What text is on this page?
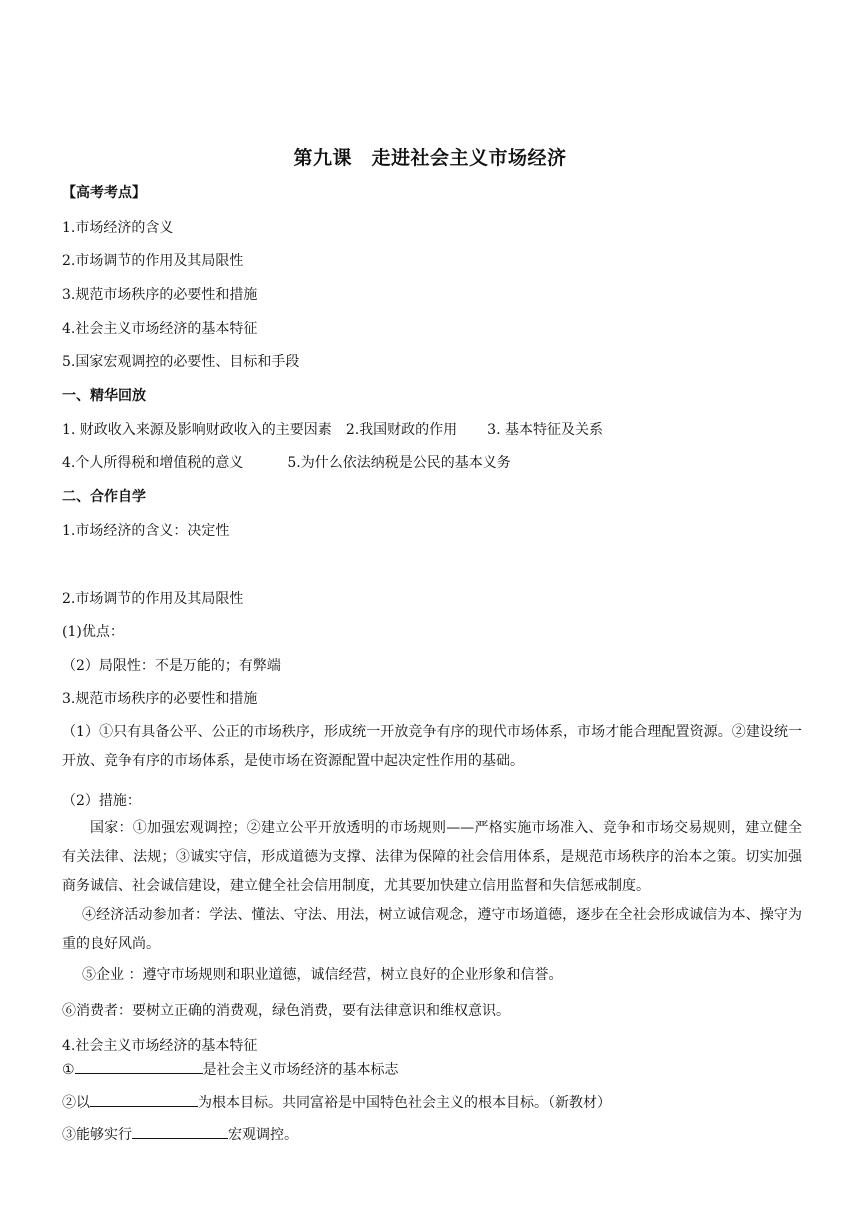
第九课　走进社会主义市场经济
【高考考点】
1.市场经济的含义
2.市场调节的作用及其局限性
3.规范市场秩序的必要性和措施
4.社会主义市场经济的基本特征
5.国家宏观调控的必要性、目标和手段
一、精华回放
1. 财政收入来源及影响财政收入的主要因素 2.我国财政的作用 3. 基本特征及关系
4.个人所得税和增值税的意义	5.为什么依法纳税是公民的基本义务
二、合作自学
1.市场经济的含义：决定性
2.市场调节的作用及其局限性
(1)优点：
（2）局限性：不是万能的；有弊端
3.规范市场秩序的必要性和措施
（1）①只有具备公平、公正的市场秩序，形成统一开放竞争有序的现代市场体系，市场才能合理配置资源。②建设统一开放、竞争有序的市场体系，是使市场在资源配置中起决定性作用的基础。
（2）措施：
国家：①加强宏观调控；②建立公平开放透明的市场规则——严格实施市场准入、竞争和市场交易规则，建立健全有关法律、法规；③诚实守信，形成道德为支撑、法律为保障的社会信用体系，是规范市场秩序的治本之策。切实加强商务诚信、社会诚信建设，建立健全社会信用制度，尤其要加快建立信用监督和失信惩戒制度。
④经济活动参加者：学法、懂法、守法、用法，树立诚信观念，遵守市场道德，逐步在全社会形成诚信为本、操守为重的良好风尚。
⑤企业 ：遵守市场规则和职业道德，诚信经营，树立良好的企业形象和信誉。
⑥消费者：要树立正确的消费观，绿色消费，要有法律意识和维权意识。
4.社会主义市场经济的基本特征
①	是社会主义市场经济的基本标志
②以	为根本目标。共同富裕是中国特色社会主义的根本目标。（新教材）
③能够实行	宏观调控。
